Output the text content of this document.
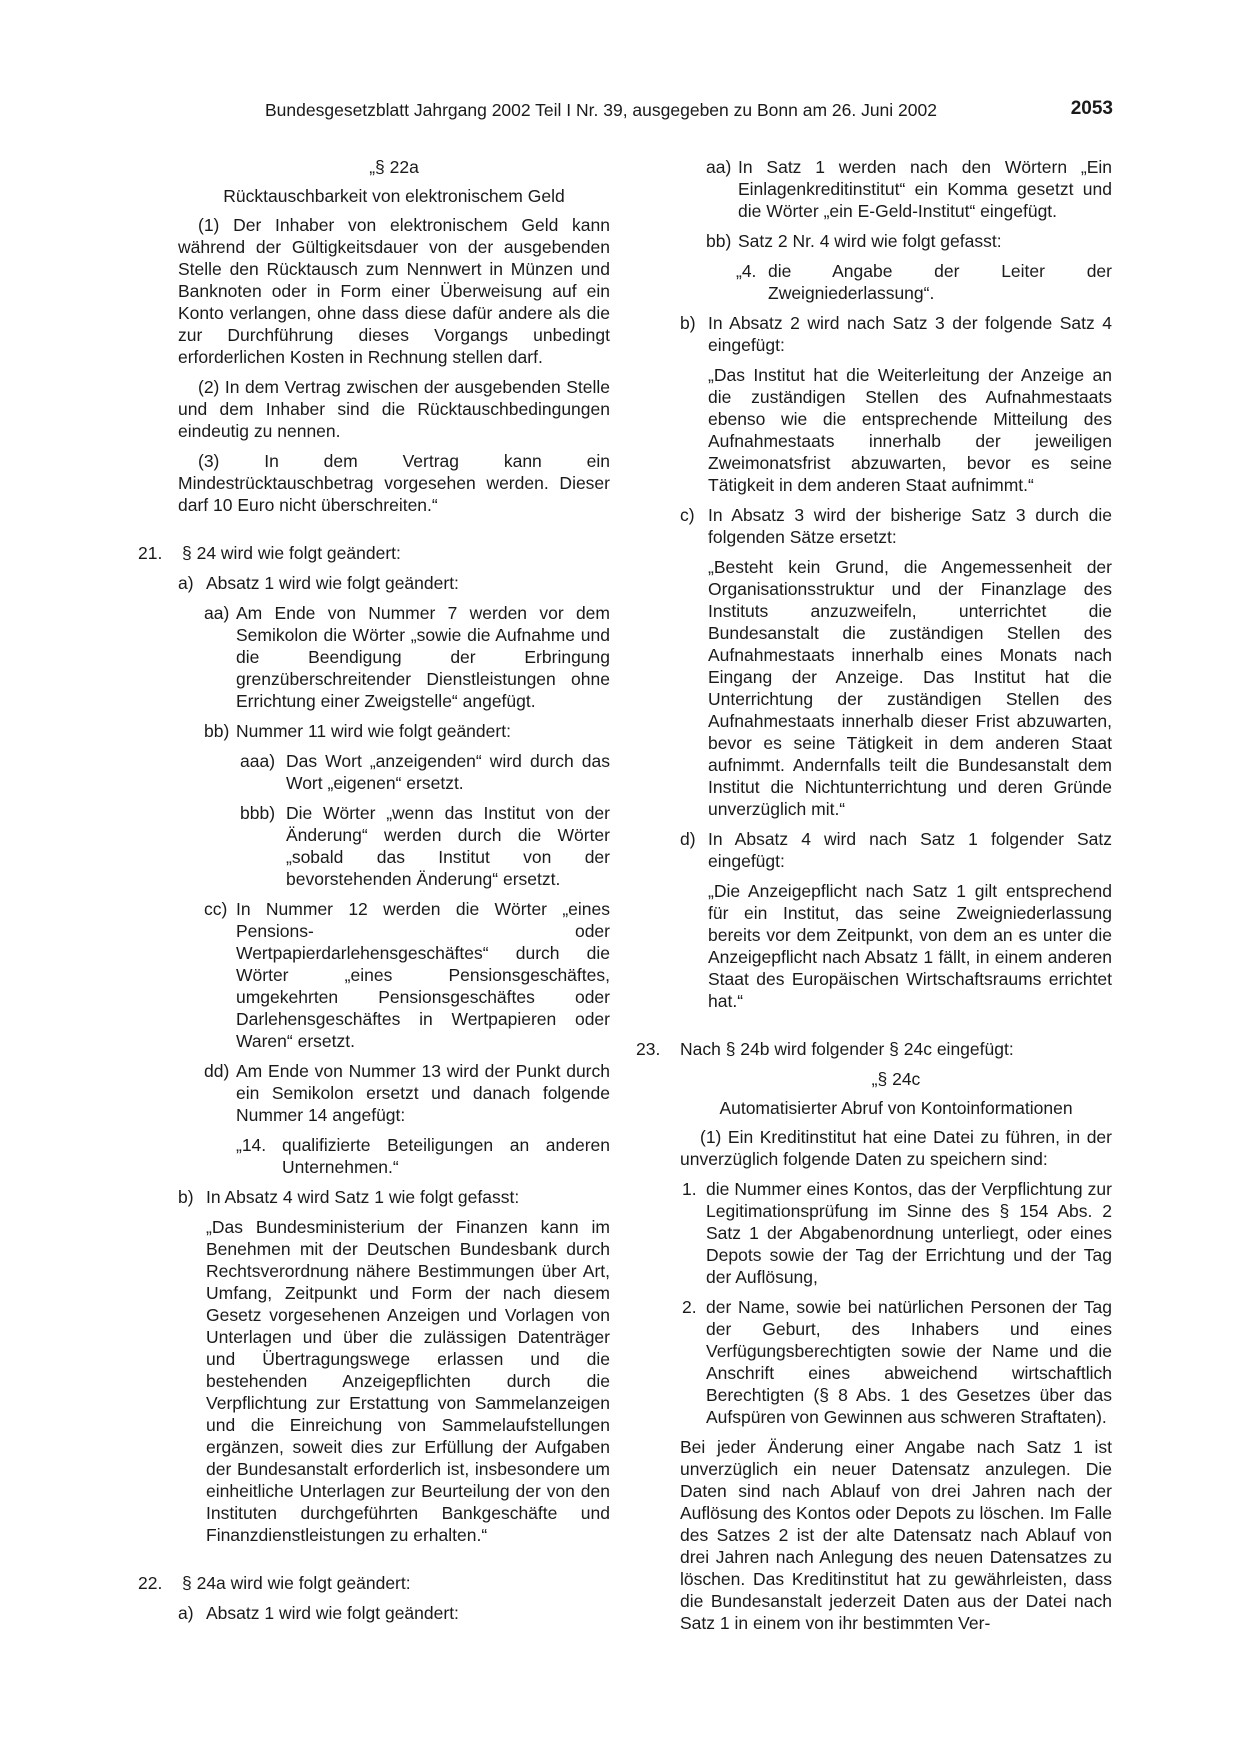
Bundesgesetzblatt Jahrgang 2002 Teil I Nr. 39, ausgegeben zu Bonn am 26. Juni 2002	2053

„§ 22a

Rücktauschbarkeit von elektronischem Geld

(1) Der Inhaber von elektronischem Geld kann während der Gültigkeitsdauer von der ausgebenden Stelle den Rücktausch zum Nennwert in Münzen und Banknoten oder in Form einer Überweisung auf ein Konto verlangen, ohne dass diese dafür andere als die zur Durchführung dieses Vorgangs unbedingt erforderlichen Kosten in Rechnung stellen darf.

(2) In dem Vertrag zwischen der ausgebenden Stelle und dem Inhaber sind die Rücktauschbedingungen eindeutig zu nennen.

(3) In dem Vertrag kann ein Mindestrücktauschbetrag vorgesehen werden. Dieser darf 10 Euro nicht überschreiten.“

21. § 24 wird wie folgt geändert:
a) Absatz 1 wird wie folgt geändert:
aa) Am Ende von Nummer 7 werden vor dem Semikolon die Wörter „sowie die Aufnahme und die Beendigung der Erbringung grenzüberschreitender Dienstleistungen ohne Errichtung einer Zweigstelle“ angefügt.
bb) Nummer 11 wird wie folgt geändert:
aaa) Das Wort „anzeigenden“ wird durch das Wort „eigenen“ ersetzt.
bbb) Die Wörter „wenn das Institut von der Änderung“ werden durch die Wörter „sobald das Institut von der bevorstehenden Änderung“ ersetzt.
cc) In Nummer 12 werden die Wörter „eines Pensions- oder Wertpapierdarlehensgeschäftes“ durch die Wörter „eines Pensionsgeschäftes, umgekehrten Pensionsgeschäftes oder Darlehensgeschäftes in Wertpapieren oder Waren“ ersetzt.
dd) Am Ende von Nummer 13 wird der Punkt durch ein Semikolon ersetzt und danach folgende Nummer 14 angefügt:
„14. qualifizierte Beteiligungen an anderen Unternehmen.“
b) In Absatz 4 wird Satz 1 wie folgt gefasst:

„Das Bundesministerium der Finanzen kann im Benehmen mit der Deutschen Bundesbank durch Rechtsverordnung nähere Bestimmungen über Art, Umfang, Zeitpunkt und Form der nach diesem Gesetz vorgesehenen Anzeigen und Vorlagen von Unterlagen und über die zulässigen Datenträger und Übertragungswege erlassen und die bestehenden Anzeigepflichten durch die Verpflichtung zur Erstattung von Sammelanzeigen und die Einreichung von Sammelaufstellungen ergänzen, soweit dies zur Erfüllung der Aufgaben der Bundesanstalt erforderlich ist, insbesondere um einheitliche Unterlagen zur Beurteilung der von den Instituten durchgeführten Bankgeschäfte und Finanzdienstleistungen zu erhalten.“

22. § 24a wird wie folgt geändert:
a) Absatz 1 wird wie folgt geändert:
aa) In Satz 1 werden nach den Wörtern „Ein Einlagenkreditinstitut“ ein Komma gesetzt und die Wörter „ein E-Geld-Institut“ eingefügt.
bb) Satz 2 Nr. 4 wird wie folgt gefasst:
„4. die Angabe der Leiter der Zweigniederlassung“.
b) In Absatz 2 wird nach Satz 3 der folgende Satz 4 eingefügt:

„Das Institut hat die Weiterleitung der Anzeige an die zuständigen Stellen des Aufnahmestaats ebenso wie die entsprechende Mitteilung des Aufnahmestaats innerhalb der jeweiligen Zweimonatsfrist abzuwarten, bevor es seine Tätigkeit in dem anderen Staat aufnimmt.“

c) In Absatz 3 wird der bisherige Satz 3 durch die folgenden Sätze ersetzt:

„Besteht kein Grund, die Angemessenheit der Organisationsstruktur und der Finanzlage des Instituts anzuzweifeln, unterrichtet die Bundesanstalt die zuständigen Stellen des Aufnahmestaats innerhalb eines Monats nach Eingang der Anzeige. Das Institut hat die Unterrichtung der zuständigen Stellen des Aufnahmestaats innerhalb dieser Frist abzuwarten, bevor es seine Tätigkeit in dem anderen Staat aufnimmt. Andernfalls teilt die Bundesanstalt dem Institut die Nichtunterrichtung und deren Gründe unverzüglich mit.“

d) In Absatz 4 wird nach Satz 1 folgender Satz eingefügt:

„Die Anzeigepflicht nach Satz 1 gilt entsprechend für ein Institut, das seine Zweigniederlassung bereits vor dem Zeitpunkt, von dem an es unter die Anzeigepflicht nach Absatz 1 fällt, in einem anderen Staat des Europäischen Wirtschaftsraums errichtet hat.“

23. Nach § 24b wird folgender § 24c eingefügt:

„§ 24c

Automatisierter Abruf von Kontoinformationen

(1) Ein Kreditinstitut hat eine Datei zu führen, in der unverzüglich folgende Daten zu speichern sind:

1. die Nummer eines Kontos, das der Verpflichtung zur Legitimationsprüfung im Sinne des § 154 Abs. 2 Satz 1 der Abgabenordnung unterliegt, oder eines Depots sowie der Tag der Errichtung und der Tag der Auflösung,
2. der Name, sowie bei natürlichen Personen der Tag der Geburt, des Inhabers und eines Verfügungsberechtigten sowie der Name und die Anschrift eines abweichend wirtschaftlich Berechtigten (§ 8 Abs. 1 des Gesetzes über das Aufspüren von Gewinnen aus schweren Straftaten).

Bei jeder Änderung einer Angabe nach Satz 1 ist unverzüglich ein neuer Datensatz anzulegen. Die Daten sind nach Ablauf von drei Jahren nach der Auflösung des Kontos oder Depots zu löschen. Im Falle des Satzes 2 ist der alte Datensatz nach Ablauf von drei Jahren nach Anlegung des neuen Datensatzes zu löschen. Das Kreditinstitut hat zu gewährleisten, dass die Bundesanstalt jederzeit Daten aus der Datei nach Satz 1 in einem von ihr bestimmten Ver-
